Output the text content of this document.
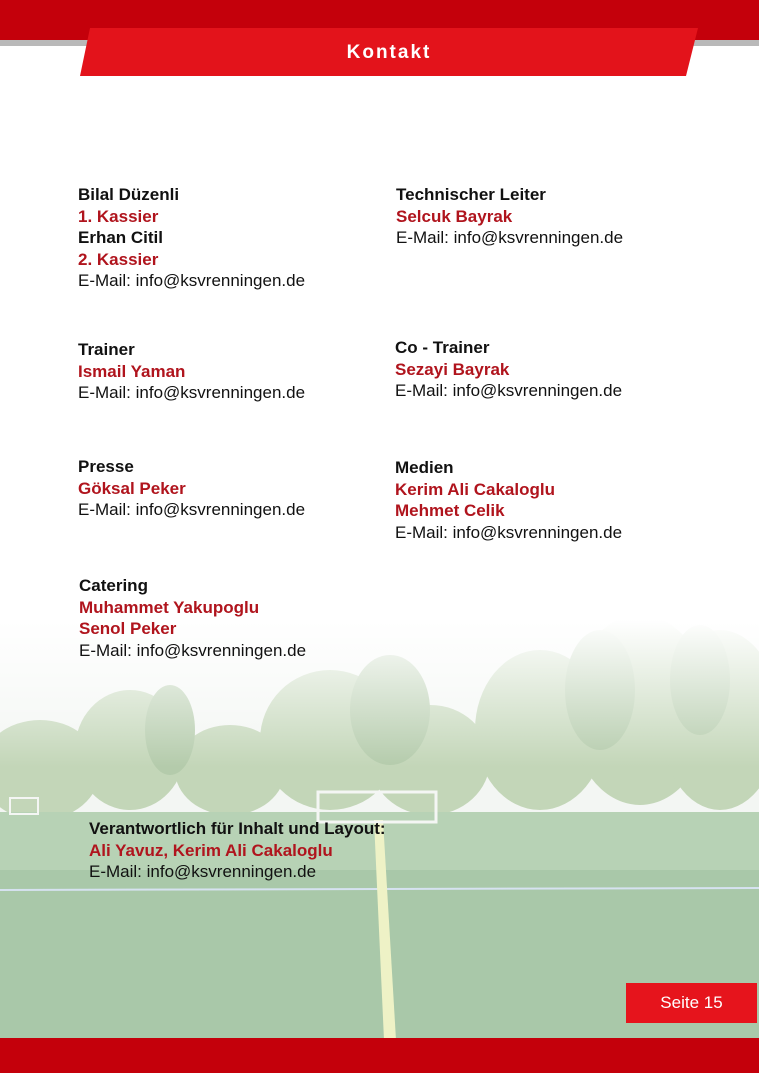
Kontakt
Bilal Düzenli
1. Kassier
Erhan Citil
2. Kassier
E-Mail: info@ksvrenningen.de
Technischer Leiter
Selcuk Bayrak
E-Mail: info@ksvrenningen.de
Trainer
Ismail Yaman
E-Mail: info@ksvrenningen.de
Co - Trainer
Sezayi Bayrak
E-Mail: info@ksvrenningen.de
Presse
Göksal Peker
E-Mail: info@ksvrenningen.de
Medien
Kerim Ali Cakaloglu
Mehmet Celik
E-Mail: info@ksvrenningen.de
Catering
Muhammet Yakupoglu
Senol Peker
E-Mail: info@ksvrenningen.de
Verantwortlich für Inhalt und Layout:
Ali Yavuz, Kerim Ali Cakaloglu
E-Mail: info@ksvrenningen.de
Seite 15
